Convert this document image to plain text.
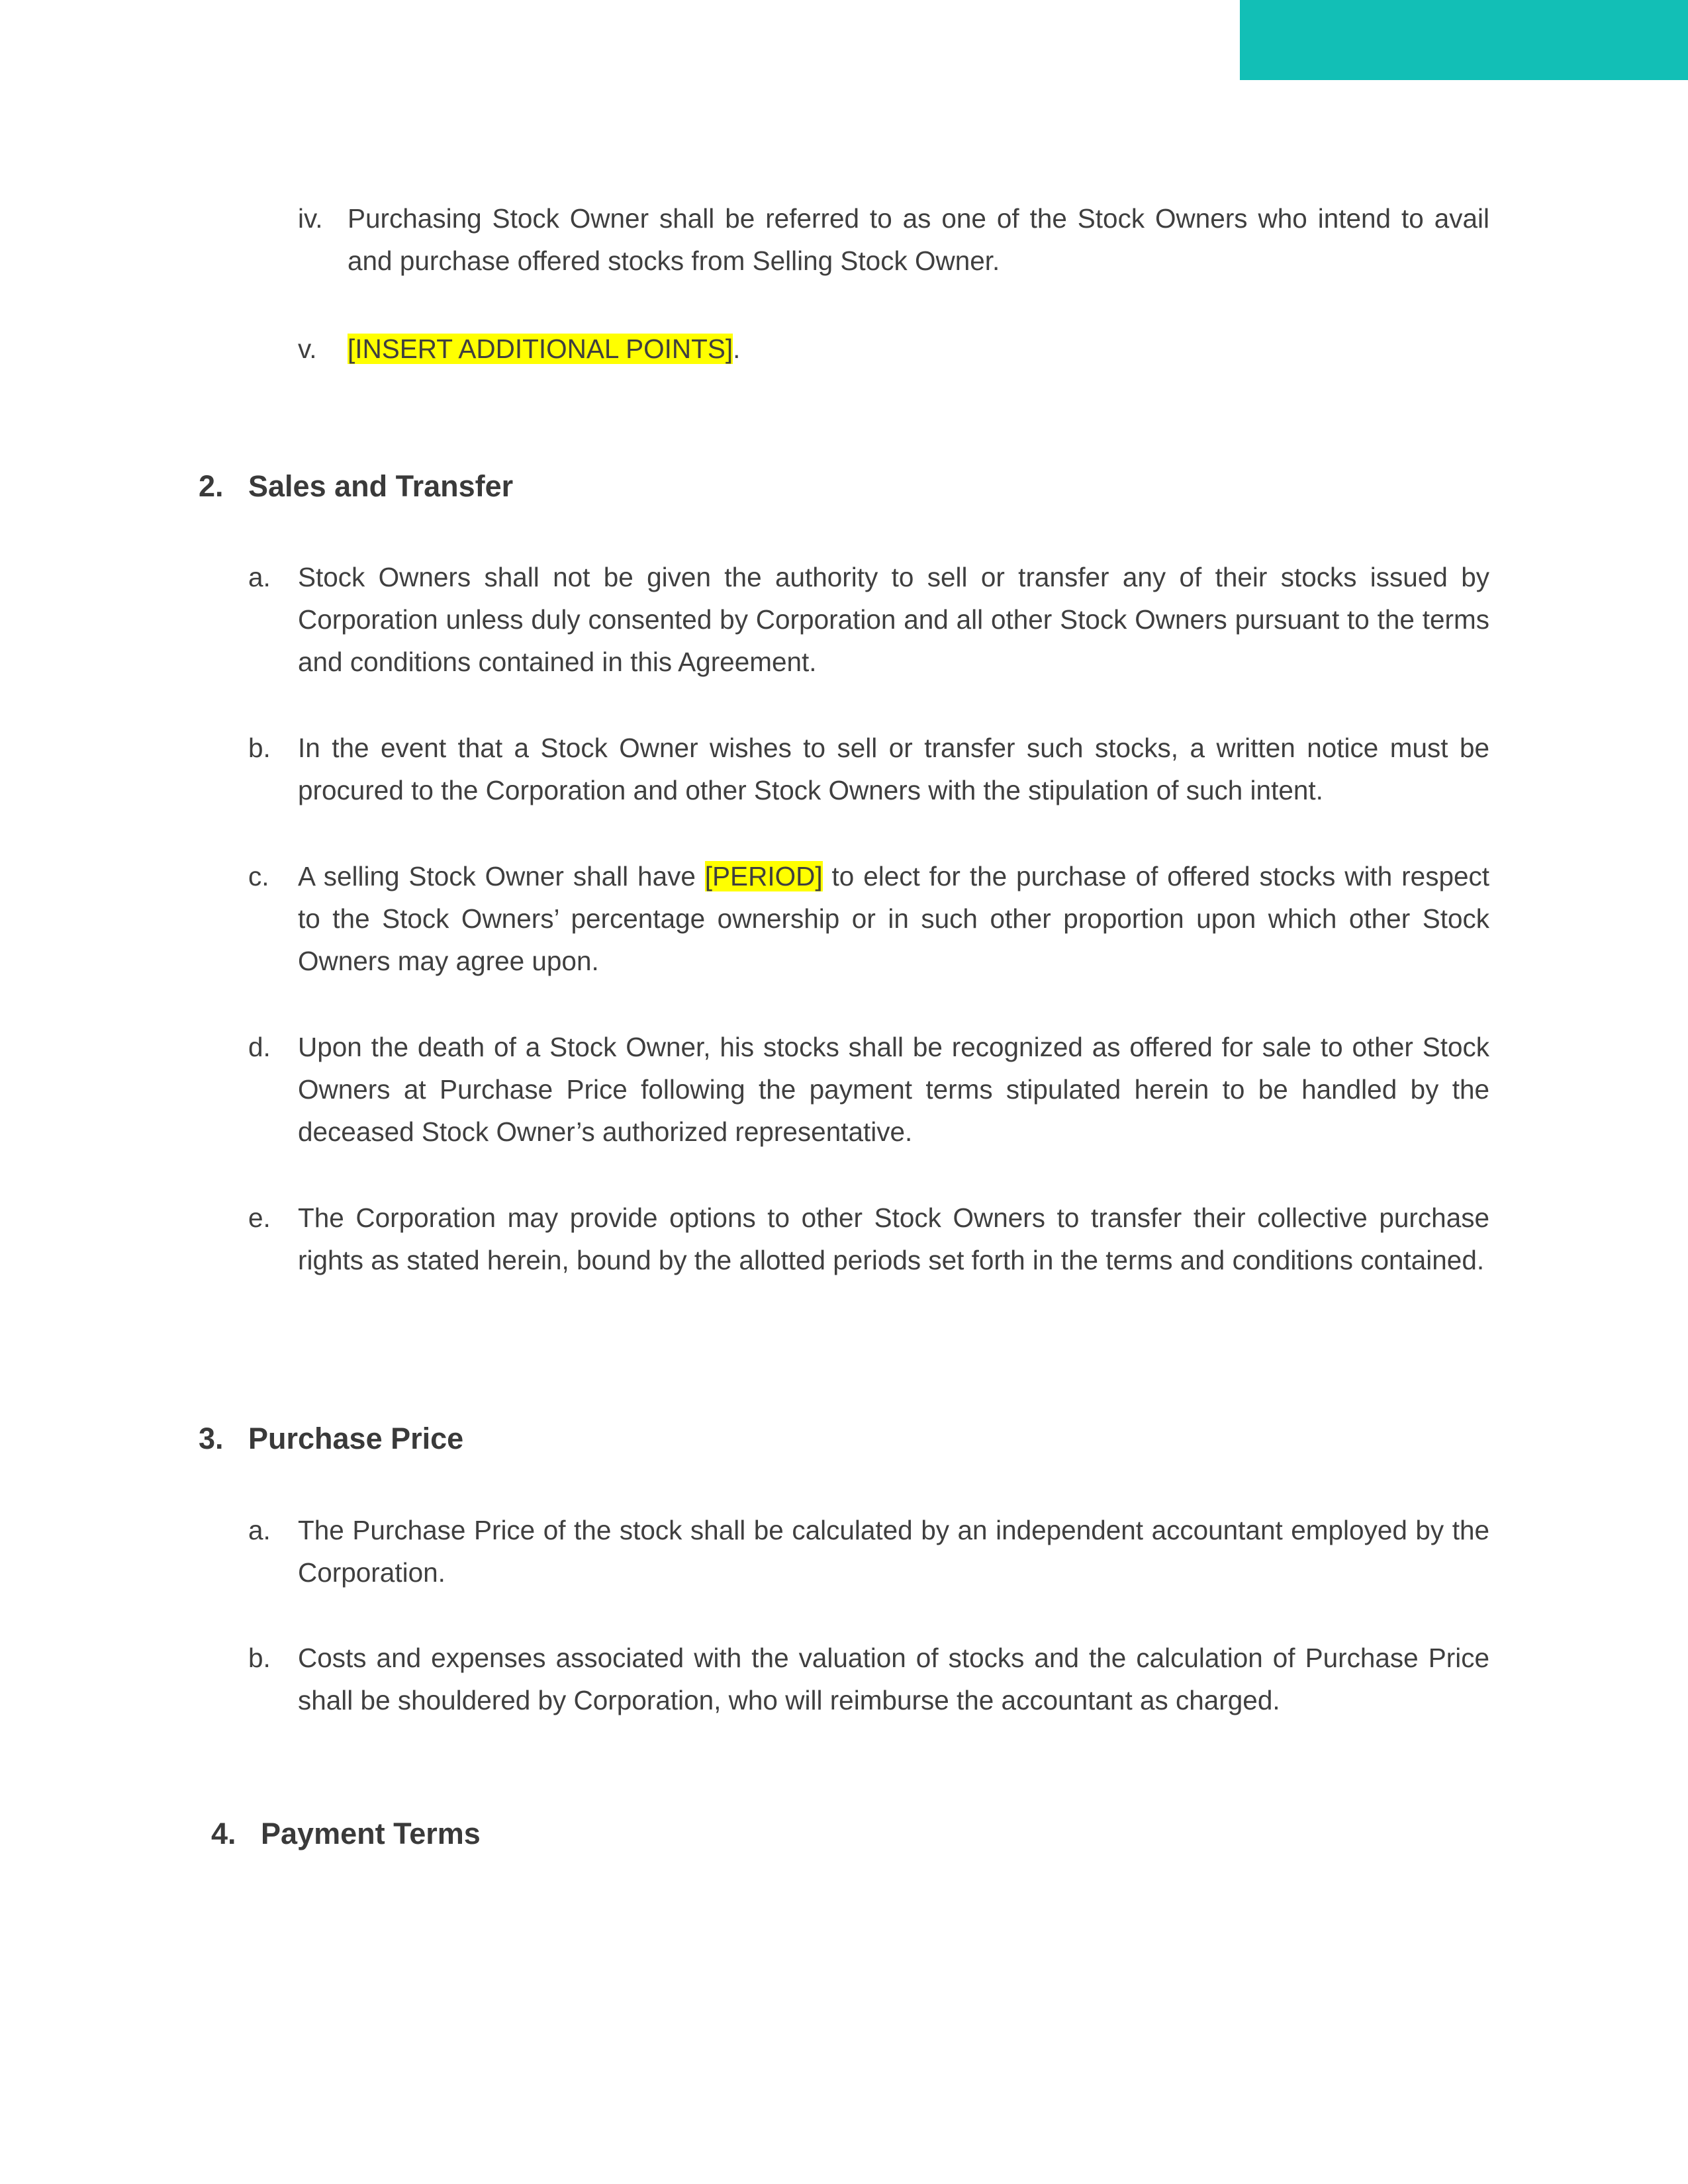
iv. Purchasing Stock Owner shall be referred to as one of the Stock Owners who intend to avail and purchase offered stocks from Selling Stock Owner.
v. [INSERT ADDITIONAL POINTS].
2. Sales and Transfer
a. Stock Owners shall not be given the authority to sell or transfer any of their stocks issued by Corporation unless duly consented by Corporation and all other Stock Owners pursuant to the terms and conditions contained in this Agreement.
b. In the event that a Stock Owner wishes to sell or transfer such stocks, a written notice must be procured to the Corporation and other Stock Owners with the stipulation of such intent.
c. A selling Stock Owner shall have [PERIOD] to elect for the purchase of offered stocks with respect to the Stock Owners’ percentage ownership or in such other proportion upon which other Stock Owners may agree upon.
d. Upon the death of a Stock Owner, his stocks shall be recognized as offered for sale to other Stock Owners at Purchase Price following the payment terms stipulated herein to be handled by the deceased Stock Owner’s authorized representative.
e. The Corporation may provide options to other Stock Owners to transfer their collective purchase rights as stated herein, bound by the allotted periods set forth in the terms and conditions contained.
3. Purchase Price
a. The Purchase Price of the stock shall be calculated by an independent accountant employed by the Corporation.
b. Costs and expenses associated with the valuation of stocks and the calculation of Purchase Price shall be shouldered by Corporation, who will reimburse the accountant as charged.
4. Payment Terms
